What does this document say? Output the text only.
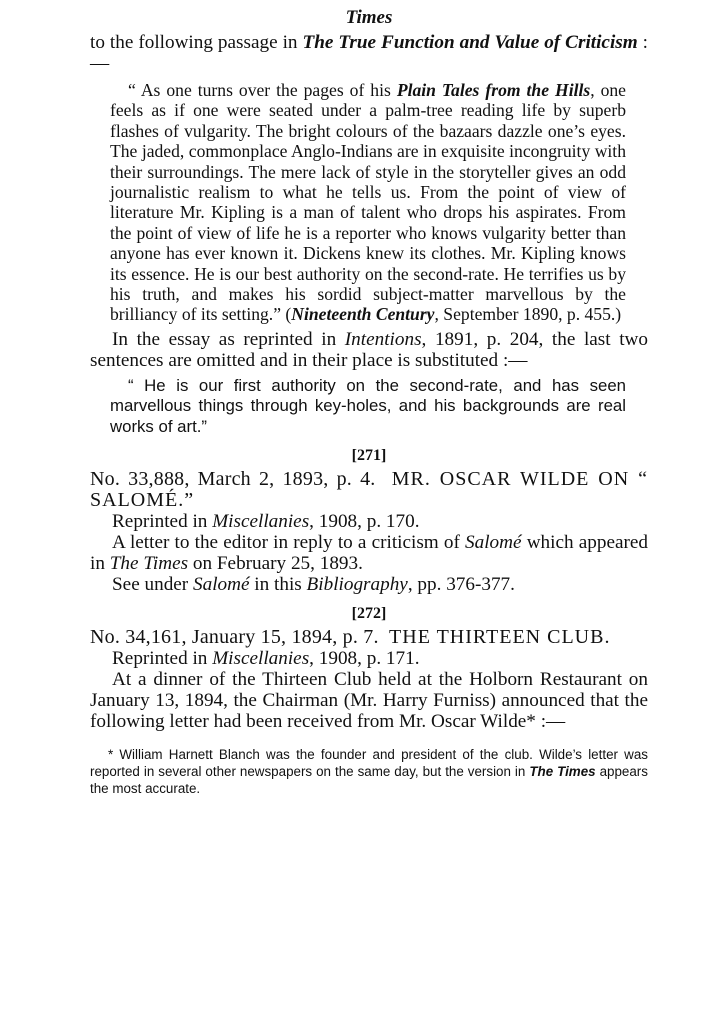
Times

to the following passage in The True Function and Value of Criticism :—

“ As one turns over the pages of his Plain Tales from the Hills, one feels as if one were seated under a palm-tree reading life by superb flashes of vulgarity. The bright colours of the bazaars dazzle one’s eyes. The jaded, commonplace Anglo-Indians are in exquisite incongruity with their surroundings. The mere lack of style in the storyteller gives an odd journalistic realism to what he tells us. From the point of view of literature Mr. Kipling is a man of talent who drops his aspirates. From the point of view of life he is a reporter who knows vulgarity better than anyone has ever known it. Dickens knew its clothes. Mr. Kipling knows its essence. He is our best authority on the second-rate. He terrifies us by his truth, and makes his sordid subject-matter marvellous by the brilliancy of its setting.” (Nineteenth Century, September 1890, p. 455.)

In the essay as reprinted in Intentions, 1891, p. 204, the last two sentences are omitted and in their place is substituted :—

“ He is our first authority on the second-rate, and has seen marvellous things through key-holes, and his backgrounds are real works of art.”
[271]

No. 33,888, March 2, 1893, p. 4. MR. OSCAR WILDE ON “ SALOMÉ.”

Reprinted in Miscellanies, 1908, p. 170.

A letter to the editor in reply to a criticism of Salomé which appeared in The Times on February 25, 1893.

See under Salomé in this Bibliography, pp. 376-377.

[272]

No. 34,161, January 15, 1894, p. 7. THE THIRTEEN CLUB.

Reprinted in Miscellanies, 1908, p. 171.

At a dinner of the Thirteen Club held at the Holborn Restaurant on January 13, 1894, the Chairman (Mr. Harry Furniss) announced that the following letter had been received from Mr. Oscar Wilde* :—

* William Harnett Blanch was the founder and president of the club. Wilde’s letter was reported in several other newspapers on the same day, but the version in The Times appears the most accurate.
